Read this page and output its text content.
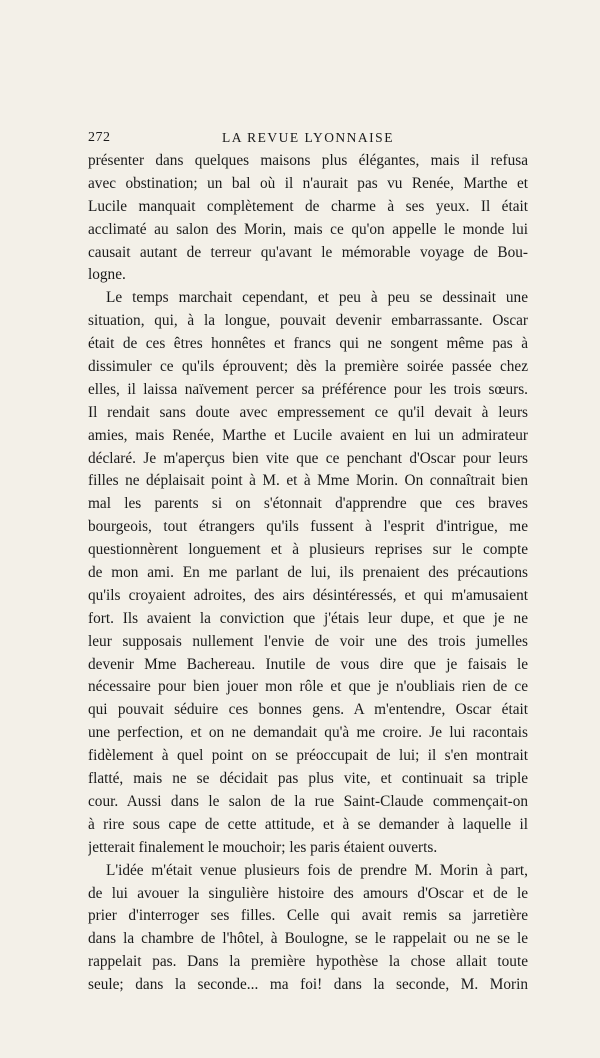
272	LA REVUE LYONNAISE
présenter dans quelques maisons plus élégantes, mais il refusa
avec obstination; un bal où il n'aurait pas vu Renée, Marthe et
Lucile manquait complètement de charme à ses yeux. Il était
acclimaté au salon des Morin, mais ce qu'on appelle le monde lui
causait autant de terreur qu'avant le mémorable voyage de Bou-
logne.
Le temps marchait cependant, et peu à peu se dessinait une
situation, qui, à la longue, pouvait devenir embarrassante. Oscar
était de ces êtres honnêtes et francs qui ne songent même pas à
dissimuler ce qu'ils éprouvent; dès la première soirée passée chez
elles, il laissa naïvement percer sa préférence pour les trois sœurs.
Il rendait sans doute avec empressement ce qu'il devait à leurs
amies, mais Renée, Marthe et Lucile avaient en lui un admirateur
déclaré. Je m'aperçus bien vite que ce penchant d'Oscar pour leurs
filles ne déplaisait point à M. et à Mme Morin. On connaîtrait bien
mal les parents si on s'étonnait d'apprendre que ces braves
bourgeois, tout étrangers qu'ils fussent à l'esprit d'intrigue, me
questionnèrent longuement et à plusieurs reprises sur le compte
de mon ami. En me parlant de lui, ils prenaient des précautions
qu'ils croyaient adroites, des airs désintéressés, et qui m'amusaient
fort. Ils avaient la conviction que j'étais leur dupe, et que je ne
leur supposais nullement l'envie de voir une des trois jumelles
devenir Mme Bachereau. Inutile de vous dire que je faisais le
nécessaire pour bien jouer mon rôle et que je n'oubliais rien de ce
qui pouvait séduire ces bonnes gens. A m'entendre, Oscar était
une perfection, et on ne demandait qu'à me croire. Je lui racontais
fidèlement à quel point on se préoccupait de lui; il s'en montrait
flatté, mais ne se décidait pas plus vite, et continuait sa triple
cour. Aussi dans le salon de la rue Saint-Claude commençait-on
à rire sous cape de cette attitude, et à se demander à laquelle il
jetterait finalement le mouchoir; les paris étaient ouverts.
L'idée m'était venue plusieurs fois de prendre M. Morin à part,
de lui avouer la singulière histoire des amours d'Oscar et de le
prier d'interroger ses filles. Celle qui avait remis sa jarretière
dans la chambre de l'hôtel, à Boulogne, se le rappelait ou ne se le
rappelait pas. Dans la première hypothèse la chose allait toute
seule; dans la seconde... ma foi! dans la seconde, M. Morin
